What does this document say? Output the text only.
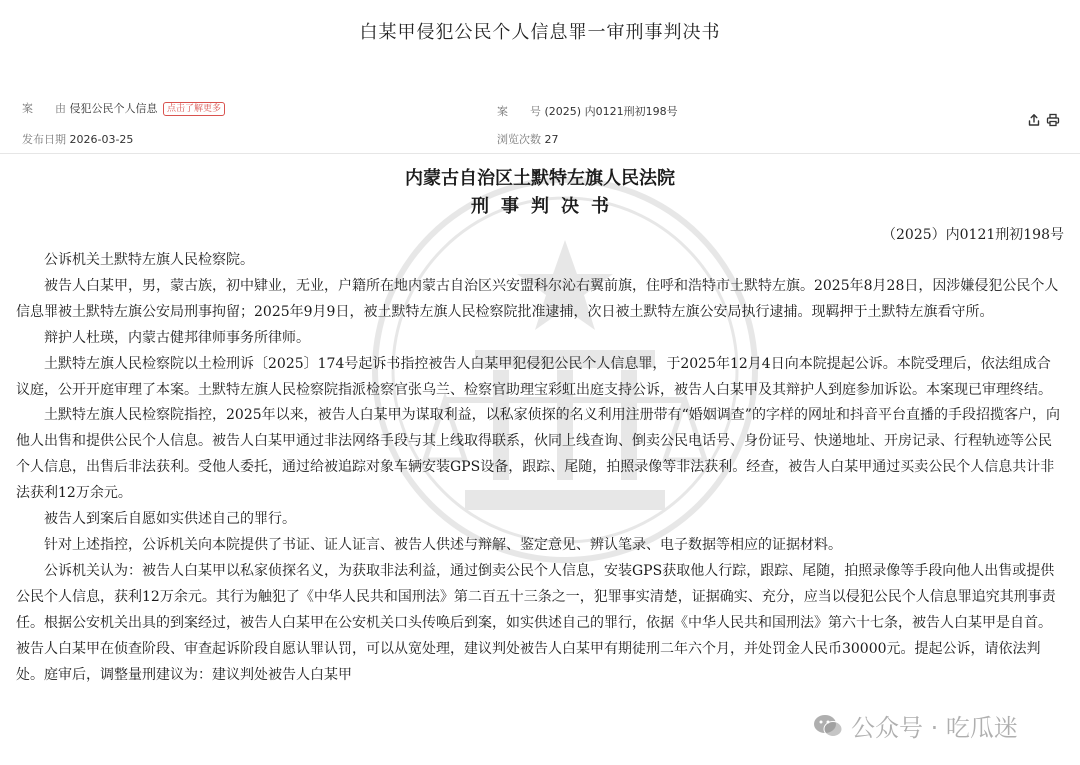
白某甲侵犯公民个人信息罪一审刑事判决书
案　　由 侵犯公民个人信息 点击了解更多
发布日期 2026-03-25
案　　号 (2025) 内0121刑初198号
浏览次数 27
内蒙古自治区土默特左旗人民法院
刑事判决书
（2025）内0121刑初198号

公诉机关土默特左旗人民检察院。

被告人白某甲，男，蒙古族，初中肄业，无业，户籍所在地内蒙古自治区兴安盟科尔沁右翼前旗，住呼和浩特市土默特左旗。2025年8月28日，因涉嫌侵犯公民个人信息罪被土默特左旗公安局刑事拘留；2025年9月9日，被土默特左旗人民检察院批准逮捕，次日被土默特左旗公安局执行逮捕。现羁押于土默特左旗看守所。

辩护人杜瑛，内蒙古健邦律师事务所律师。

土默特左旗人民检察院以土检刑诉〔2025〕174号起诉书指控被告人白某甲犯侵犯公民个人信息罪，于2025年12月4日向本院提起公诉。本院受理后，依法组成合议庭，公开开庭审理了本案。土默特左旗人民检察院指派检察官张乌兰、检察官助理宝彩虹出庭支持公诉，被告人白某甲及其辩护人到庭参加诉讼。本案现已审理终结。

土默特左旗人民检察院指控，2025年以来，被告人白某甲为谋取利益，以私家侦探的名义利用注册带有“婚姻调查”的字样的网址和抖音平台直播的手段招揽客户，向他人出售和提供公民个人信息。被告人白某甲通过非法网络手段与其上线取得联系，伙同上线查询、倒卖公民电话号、身份证号、快递地址、开房记录、行程轨迹等公民个人信息，出售后非法获利。受他人委托，通过给被追踪对象车辆安装GPS设备，跟踪、尾随，拍照录像等非法获利。经查，被告人白某甲通过买卖公民个人信息共计非法获利12万余元。

被告人到案后自愿如实供述自己的罪行。

针对上述指控，公诉机关向本院提供了书证、证人证言、被告人供述与辩解、鉴定意见、辨认笔录、电子数据等相应的证据材料。

公诉机关认为：被告人白某甲以私家侦探名义，为获取非法利益，通过倒卖公民个人信息，安装GPS获取他人行踪，跟踪、尾随，拍照录像等手段向他人出售或提供公民个人信息，获利12万余元。其行为触犯了《中华人民共和国刑法》第二百五十三条之一，犯罪事实清楚，证据确实、充分，应当以侵犯公民个人信息罪追究其刑事责任。根据公安机关出具的到案经过，被告人白某甲在公安机关口头传唤后到案，如实供述自己的罪行，依据《中华人民共和国刑法》第六十七条，被告人白某甲是自首。被告人白某甲在侦查阶段、审查起诉阶段自愿认罪认罚，可以从宽处理，建议判处被告人白某甲有期徒刑二年六个月，并处罚金人民币30000元。提起公诉，请依法判处。庭审后，调整量刑建议为：建议判处被告人白某甲

公众号 · 吃瓜迷
